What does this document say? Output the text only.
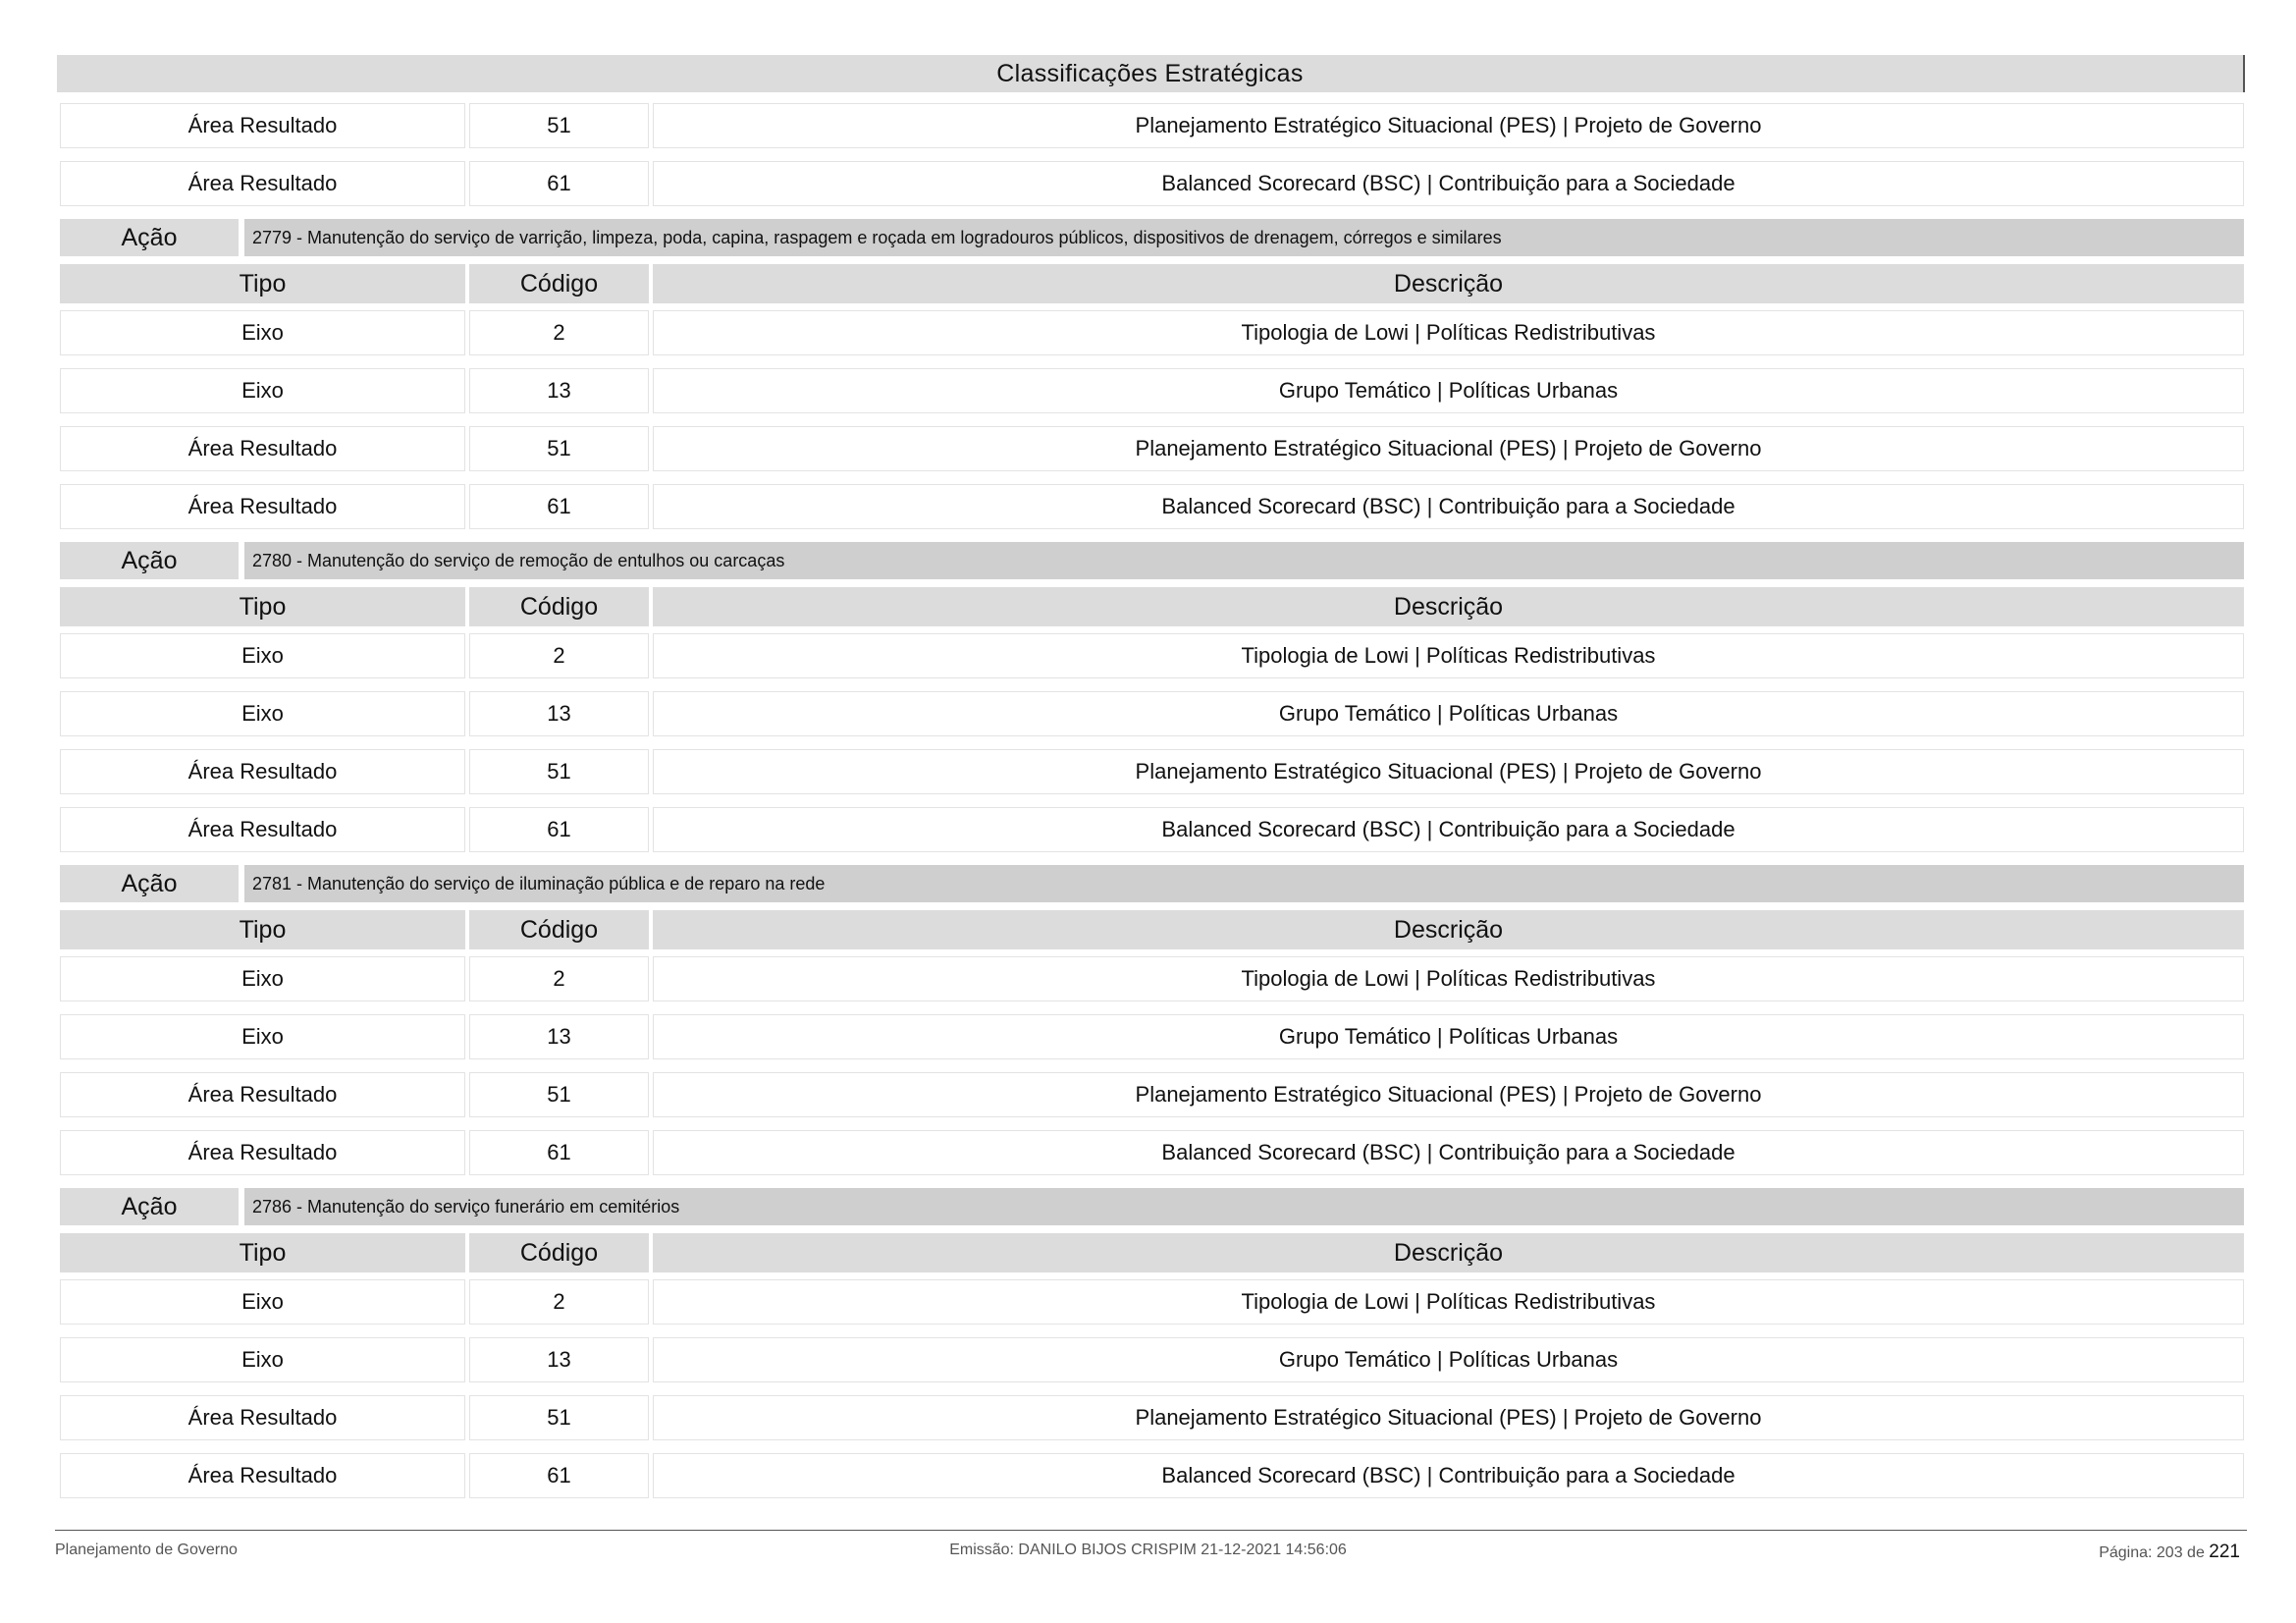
Classificações Estratégicas
Área Resultado	51	Planejamento Estratégico Situacional (PES) | Projeto de Governo
Área Resultado	61	Balanced Scorecard (BSC) | Contribuição para a Sociedade
Ação	2779 - Manutenção do serviço de varrição, limpeza, poda, capina, raspagem e roçada em logradouros públicos, dispositivos de drenagem, córregos e similares
Tipo	Código	Descrição
Eixo	2	Tipologia de Lowi | Políticas Redistributivas
Eixo	13	Grupo Temático | Políticas Urbanas
Área Resultado	51	Planejamento Estratégico Situacional (PES) | Projeto de Governo
Área Resultado	61	Balanced Scorecard (BSC) | Contribuição para a Sociedade
Ação	2780 - Manutenção do serviço de remoção de entulhos ou carcaças
Tipo	Código	Descrição
Eixo	2	Tipologia de Lowi | Políticas Redistributivas
Eixo	13	Grupo Temático | Políticas Urbanas
Área Resultado	51	Planejamento Estratégico Situacional (PES) | Projeto de Governo
Área Resultado	61	Balanced Scorecard (BSC) | Contribuição para a Sociedade
Ação	2781 - Manutenção do serviço de iluminação pública e de reparo na rede
Tipo	Código	Descrição
Eixo	2	Tipologia de Lowi | Políticas Redistributivas
Eixo	13	Grupo Temático | Políticas Urbanas
Área Resultado	51	Planejamento Estratégico Situacional (PES) | Projeto de Governo
Área Resultado	61	Balanced Scorecard (BSC) | Contribuição para a Sociedade
Ação	2786 - Manutenção do serviço funerário em cemitérios
Tipo	Código	Descrição
Eixo	2	Tipologia de Lowi | Políticas Redistributivas
Eixo	13	Grupo Temático | Políticas Urbanas
Área Resultado	51	Planejamento Estratégico Situacional (PES) | Projeto de Governo
Área Resultado	61	Balanced Scorecard (BSC) | Contribuição para a Sociedade
Planejamento de Governo	Emissão: DANILO BIJOS CRISPIM 21-12-2021 14:56:06	Página: 203 de 221
